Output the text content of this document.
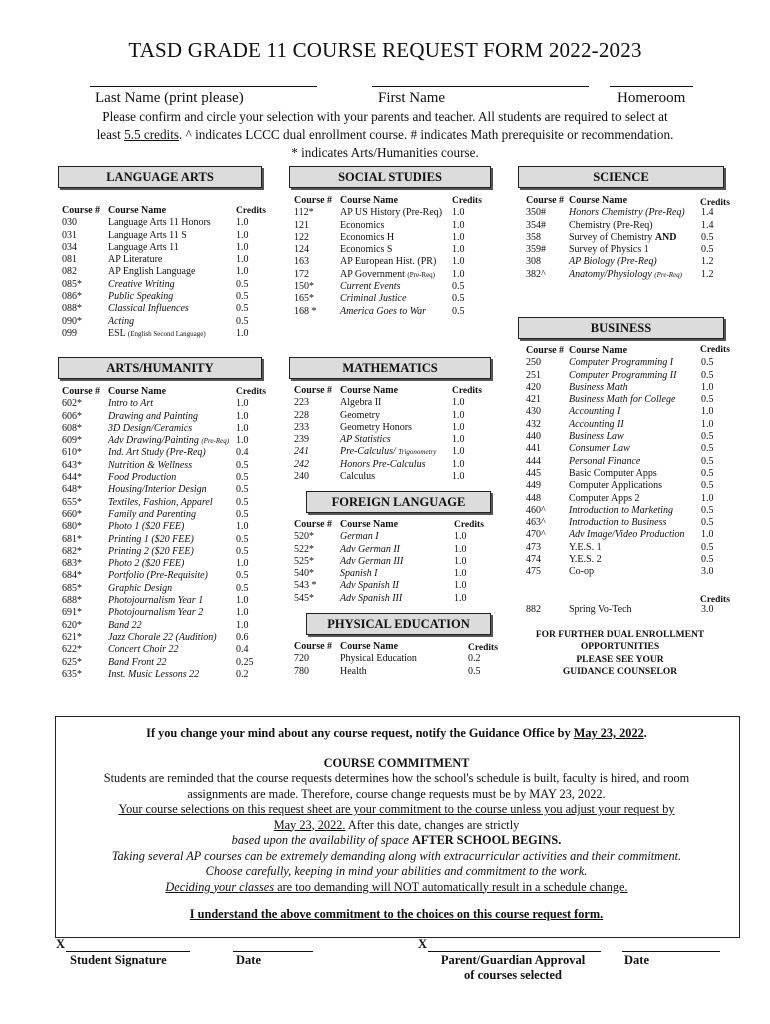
TASD GRADE 11 COURSE REQUEST FORM 2022-2023
Last Name (print please)	First Name	Homeroom
Please confirm and circle your selection with your parents and teacher. All students are required to select at
least 5.5 credits. ^ indicates LCCC dual enrollment course. # indicates Math prerequisite or recommendation.
* indicates Arts/Humanities course.
LANGUAGE ARTS	SOCIAL STUDIES	SCIENCE
BUSINESS
ARTS/HUMANITY	MATHEMATICS
FOREIGN LANGUAGE
PHYSICAL EDUCATION
Credits
Course # Course Name
030	Language Arts 11 Honors	1.0
031	Language Arts 11 S	1.0
034	Language Arts 11	1.0
081	AP Literature	1.0
082	AP English Language	1.0
085*	Creative Writing	0.5
086*	Public Speaking	0.5
088*	Classical Influences	0.5
090*	Acting	0.5
099	ESL (English Second Language)	1.0
Credits
Course # Course Name
112*	AP US History (Pre-Req) 1.0
121	Economics	1.0
122	Economics H	1.0
124	Economics S	1.0
163	AP European Hist. (PR)	1.0
172	AP Government (Pre-Req)	1.0
150*	Current Events	0.5
165*	Criminal Justice	0.5
168 *	America Goes to War	0.5
Credits
Course # Course Name
350#	Honors Chemistry (Pre-Req)	1.4
354#	Chemistry (Pre-Req)	1.4
358	Survey of Chemistry AND	0.5
359#	Survey of Physics 1	0.5
308	AP Biology (Pre-Req)	1.2
382^	Anatomy/Physiology (Pre-Req)	1.2
Credits
Course # Course Name
250	Computer Programming I	0.5
251	Computer Programming II	0.5
420	Business Math	1.0
421	Business Math for College	0.5
430	Accounting I	1.0
432	Accounting II	1.0
440	Business Law	0.5
441	Consumer Law	0.5
444	Personal Finance	0.5
445	Basic Computer Apps	0.5
449	Computer Applications	0.5
448	Computer Apps 2	1.0
460^	Introduction to Marketing	0.5
463^	Introduction to Business	0.5
470^	Adv Image/Video Production	1.0
473	Y.E.S. 1	0.5
474	Y.E.S. 2	0.5
475	Co-op	3.0
Credits
882	Spring Vo-Tech	3.0
FOR FURTHER DUAL ENROLLMENT
OPPORTUNITIES
PLEASE SEE YOUR
GUIDANCE COUNSELOR
Credits
Course # Course Name
602*	Intro to Art	1.0
606*	Drawing and Painting	1.0
608*	3D Design/Ceramics	1.0
609*	Adv Drawing/Painting (Pre-Req) 1.0
610*	Ind. Art Study (Pre-Req)	0.4
643*	Nutrition & Wellness	0.5
644*	Food Production	0.5
648*	Housing/Interior Design	0.5
655*	Textiles, Fashion, Apparel	0.5
660*	Family and Parenting	0.5
680*	Photo 1 ($20 FEE)	1.0
681*	Printing 1 ($20 FEE)	0.5
682*	Printing 2 ($20 FEE)	0.5
683*	Photo 2 ($20 FEE)	1.0
684*	Portfolio (Pre-Requisite)	0.5
685*	Graphic Design	0.5
688*	Photojournalism Year 1	1.0
691*	Photojournalism Year 2	1.0
620*	Band 22	1.0
621*	Jazz Chorale 22 (Audition)	0.6
622*	Concert Choir 22	0.4
625*	Band Front 22	0.25
635*	Inst. Music Lessons 22	0.2
Credits
Course # Course Name
223	Algebra II	1.0
228	Geometry	1.0
233	Geometry Honors	1.0
239	AP Statistics	1.0
241	Pre-Calculus/ Trigonometry	1.0
242	Honors Pre-Calculus	1.0
240	Calculus	1.0
Credits
Course # Course Name
520*	German I	1.0
522*	Adv German II	1.0
525*	Adv German III	1.0
540*	Spanish I	1.0
543 *	Adv Spanish II	1.0
545*	Adv Spanish III	1.0
Credits
Course # Course Name
720	Physical Education	0.2
780	Health	0.5
If you change your mind about any course request, notify the Guidance Office by May 23, 2022.
COURSE COMMITMENT
Students are reminded that the course requests determines how the school's schedule is built, faculty is hired, and room
assignments are made. Therefore, course change requests must be by MAY 23, 2022.
Your course selections on this request sheet are your commitment to the course unless you adjust your request by
May 23, 2022. After this date, changes are strictly
based upon the availability of space AFTER SCHOOL BEGINS.
Taking several AP courses can be extremely demanding along with extracurricular activities and their commitment.
Choose carefully, keeping in mind your abilities and commitment to the work.
Deciding your classes are too demanding will NOT automatically result in a schedule change.
I understand the above commitment to the choices on this course request form.
X	X
Student Signature	Date	Parent/Guardian Approval
of courses selected
Date
